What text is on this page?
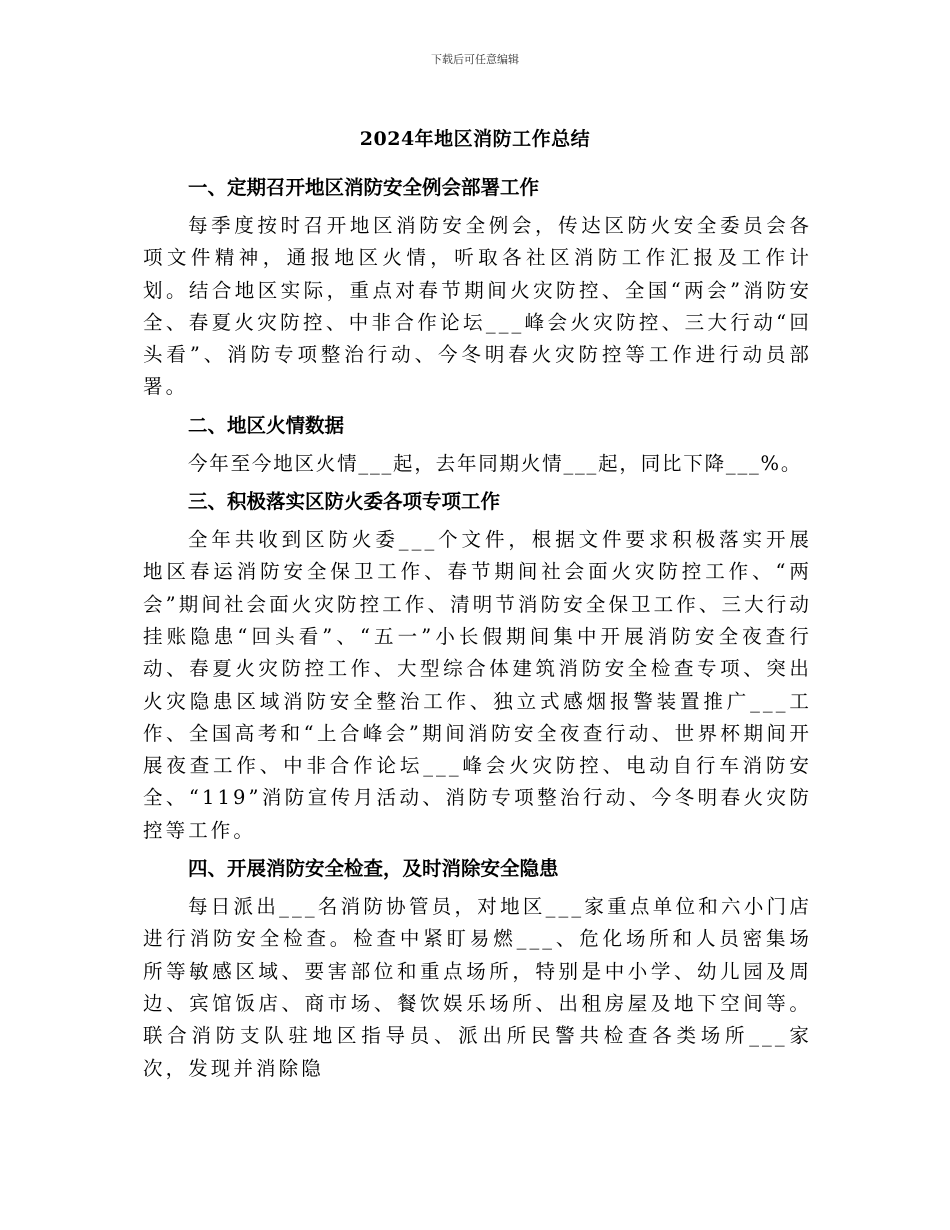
下载后可任意编辑
2024年地区消防工作总结
一、定期召开地区消防安全例会部署工作
每季度按时召开地区消防安全例会，传达区防火安全委员会各项文件精神，通报地区火情，听取各社区消防工作汇报及工作计划。结合地区实际，重点对春节期间火灾防控、全国“两会”消防安全、春夏火灾防控、中非合作论坛___峰会火灾防控、三大行动“回头看”、消防专项整治行动、今冬明春火灾防控等工作进行动员部署。
二、地区火情数据
今年至今地区火情___起，去年同期火情___起，同比下降___%。
三、积极落实区防火委各项专项工作
全年共收到区防火委___个文件，根据文件要求积极落实开展地区春运消防安全保卫工作、春节期间社会面火灾防控工作、“两会”期间社会面火灾防控工作、清明节消防安全保卫工作、三大行动挂账隐患“回头看”、“五一”小长假期间集中开展消防安全夜查行动、春夏火灾防控工作、大型综合体建筑消防安全检查专项、突出火灾隐患区域消防安全整治工作、独立式感烟报警装置推广___工作、全国高考和“上合峰会”期间消防安全夜查行动、世界杯期间开展夜查工作、中非合作论坛___峰会火灾防控、电动自行车消防安全、“119”消防宣传月活动、消防专项整治行动、今冬明春火灾防控等工作。
四、开展消防安全检查，及时消除安全隐患
每日派出___名消防协管员，对地区___家重点单位和六小门店进行消防安全检查。检查中紧盯易燃___、危化场所和人员密集场所等敏感区域、要害部位和重点场所，特别是中小学、幼儿园及周边、宾馆饭店、商市场、餐饮娱乐场所、出租房屋及地下空间等。联合消防支队驻地区指导员、派出所民警共检查各类场所___家次，发现并消除隐
